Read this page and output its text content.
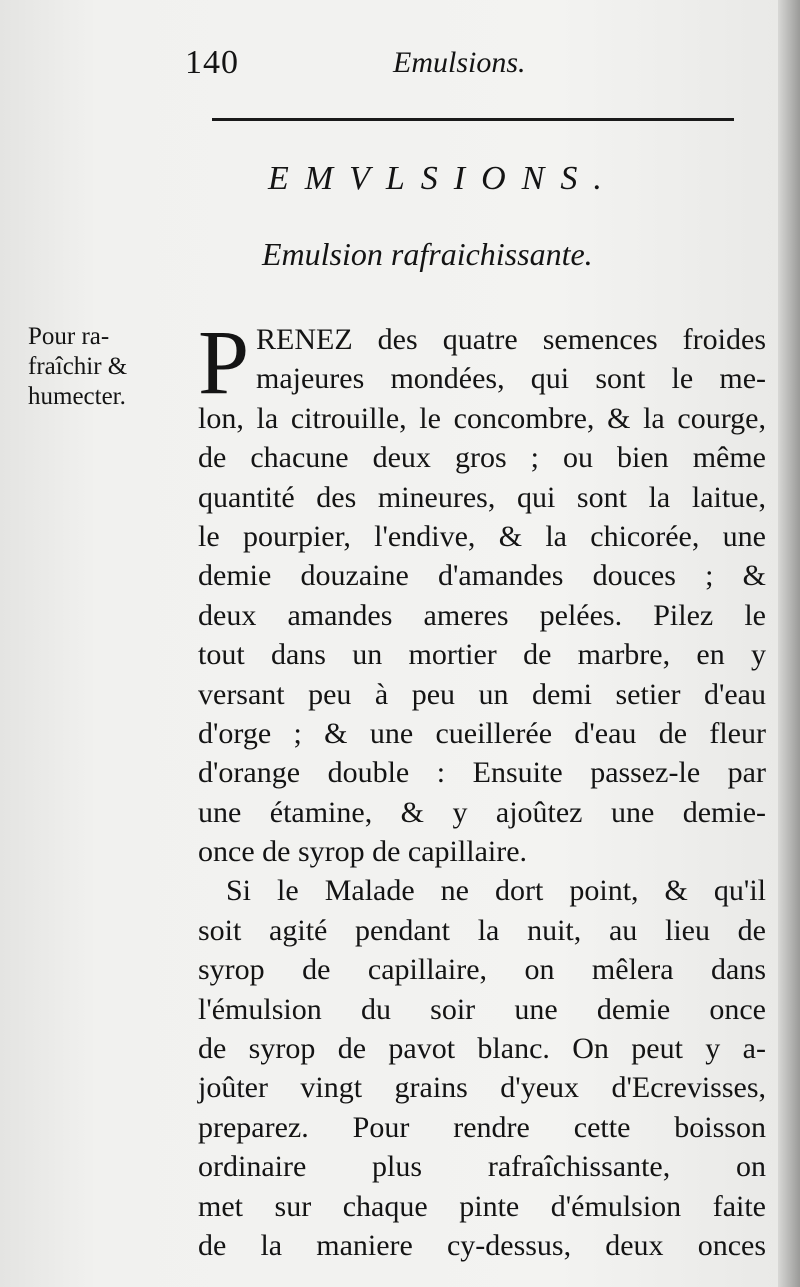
140	Emulsions.
EMVLSIONS.
Emulsion rafraichissante.
Pour ra-
fraîchir &
humecter. P RENEZ des quatre semences froides
majeures mondées, qui sont le me-
lon, la citrouille, le concombre, & la courge,
de chacune deux gros ; ou bien même
quantité des mineures, qui sont la laitue,
le pourpier, l'endive, & la chicorée, une
demie douzaine d'amandes douces ; &
deux amandes ameres pelées. Pilez le
tout dans un mortier de marbre, en y
versant peu à peu un demi setier d'eau
d'orge ; & une cueillerée d'eau de fleur
d'orange double : Ensuite passez-le par
une étamine, & y ajoûtez une demie-
once de syrop de capillaire.
Si le Malade ne dort point, & qu'il
soit agité pendant la nuit, au lieu de
syrop de capillaire, on mêlera dans
l'émulsion du soir une demie once
de syrop de pavot blanc. On peut y a-
joûter vingt grains d'yeux d'Ecrevisses,
preparez. Pour rendre cette boisson
ordinaire plus rafraîchissante, on
met sur chaque pinte d'émulsion faite
de la maniere cy-dessus, deux onces
